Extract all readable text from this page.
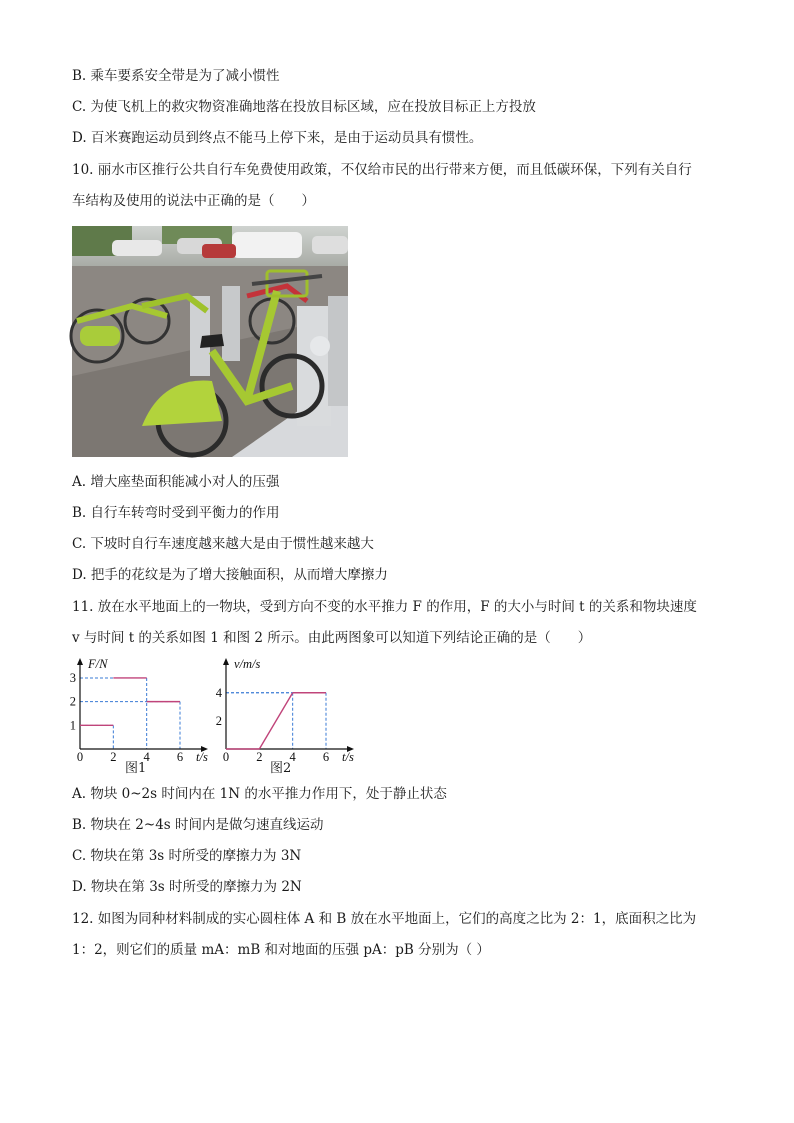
B. 乘车要系安全带是为了减小惯性
C. 为使飞机上的救灾物资准确地落在投放目标区域，应在投放目标正上方投放
D. 百米赛跑运动员到终点不能马上停下来，是由于运动员具有惯性。
10. 丽水市区推行公共自行车免费使用政策，不仅给市民的出行带来方便，而且低碳环保，下列有关自行
车结构及使用的说法中正确的是（　　）
A. 增大座垫面积能减小对人的压强
B. 自行车转弯时受到平衡力的作用
C. 下坡时自行车速度越来越大是由于惯性越来越大
D. 把手的花纹是为了增大接触面积，从而增大摩擦力
11. 放在水平地面上的一物块，受到方向不变的水平推力 F 的作用，F 的大小与时间 t 的关系和物块速度
v 与时间 t 的关系如图 1 和图 2 所示。由此两图象可以知道下列结论正确的是（　　）
0 2 4 6
1
2
3
t/s
F/N
图1
0 2 4 6
2
4
t/s
v/m/s
图2
A. 物块 0~2s 时间内在 1N 的水平推力作用下，处于静止状态
B. 物块在 2~4s 时间内是做匀速直线运动
C. 物块在第 3s 时所受的摩擦力为 3N
D. 物块在第 3s 时所受的摩擦力为 2N
12. 如图为同种材料制成的实心圆柱体 A 和 B 放在水平地面上，它们的高度之比为 2：1，底面积之比为
1：2，则它们的质量 mA：mB 和对地面的压强 pA：pB 分别为（ ）
